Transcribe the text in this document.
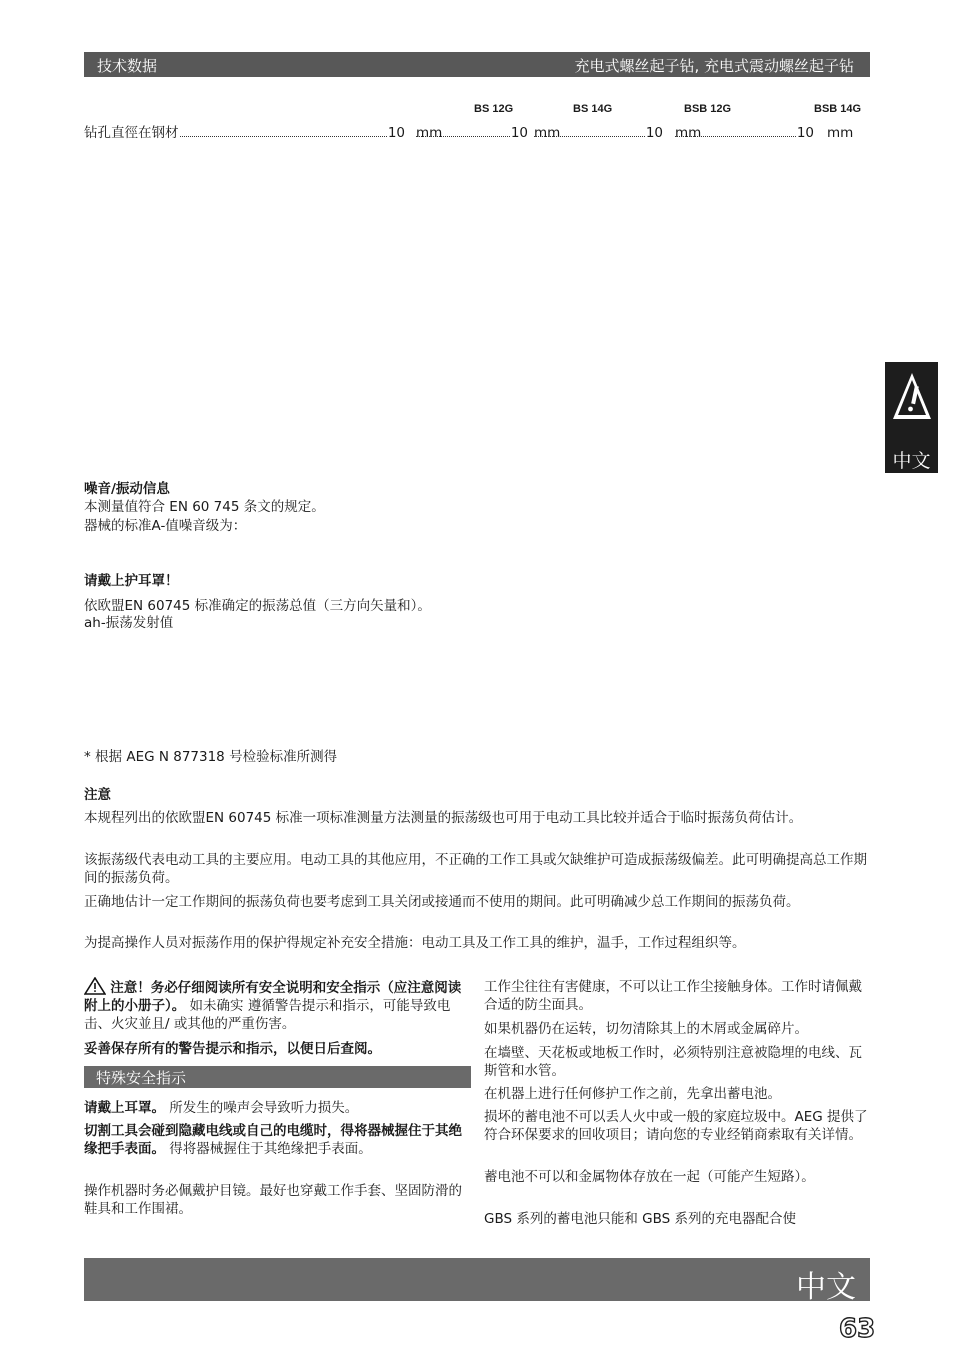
技术数据	充电式螺丝起子钻, 充电式震动螺丝起子钻
BS 12G	BS 14G	BSB 12G	BSB 14G
钻孔直徑在钢材	10 mm	10 mm	10 mm	10 mm
噪音/振动信息
本测量值符合 EN 60 745 条文的规定。
器械的标准A-值噪音级为：
请戴上护耳罩！
依欧盟EN 60745 标准确定的振荡总值（三方向矢量和）。
ah-振荡发射值
* 根据 AEG N 877318 号检验标准所测得
注意
本规程列出的依欧盟EN 60745 标准一项标准测量方法测量的振荡级也可用于电动工具比较并适合于临时振荡负荷估计。
该振荡级代表电动工具的主要应用。电动工具的其他应用，不正确的工作工具或欠缺维护可造成振荡级偏差。此可明确提高总工作期间的振荡负荷。
正确地估计一定工作期间的振荡负荷也要考虑到工具关闭或接通而不使用的期间。此可明确减少总工作期间的振荡负荷。
为提高操作人员对振荡作用的保护得规定补充安全措施：电动工具及工作工具的维护，温手，工作过程组织等。
中文
注意！务必仔细阅读所有安全说明和安全指示（应注意阅读附上的小册子）。 如未确实 遵循警告提示和指示，可能导致电击、火灾並且/ 或其他的严重伤害。
妥善保存所有的警告提示和指示，以便日后查阅。
特殊安全指示
请戴上耳罩。 所发生的噪声会导致听力损失。
切割工具会碰到隐藏电线或自己的电缆时，得将器械握住于其绝缘把手表面。 得将器械握住于其绝缘把手表面。
操作机器时务必佩戴护目镜。最好也穿戴工作手套、坚固防滑的鞋具和工作围裙。
工作尘往往有害健康，不可以让工作尘接触身体。工作时请佩戴合适的防尘面具。
如果机器仍在运转，切勿清除其上的木屑或金属碎片。
在墙壁、天花板或地板工作时，必须特别注意被隐埋的电线、瓦斯管和水管。
在机器上进行任何修护工作之前，先拿出蓄电池。
损坏的蓄电池不可以丢人火中或一般的家庭垃圾中。AEG 提供了符合环保要求的回收项目；请向您的专业经销商索取有关详情。
蓄电池不可以和金属物体存放在一起（可能产生短路）。
GBS 系列的蓄电池只能和 GBS 系列的充电器配合使
中文
63
